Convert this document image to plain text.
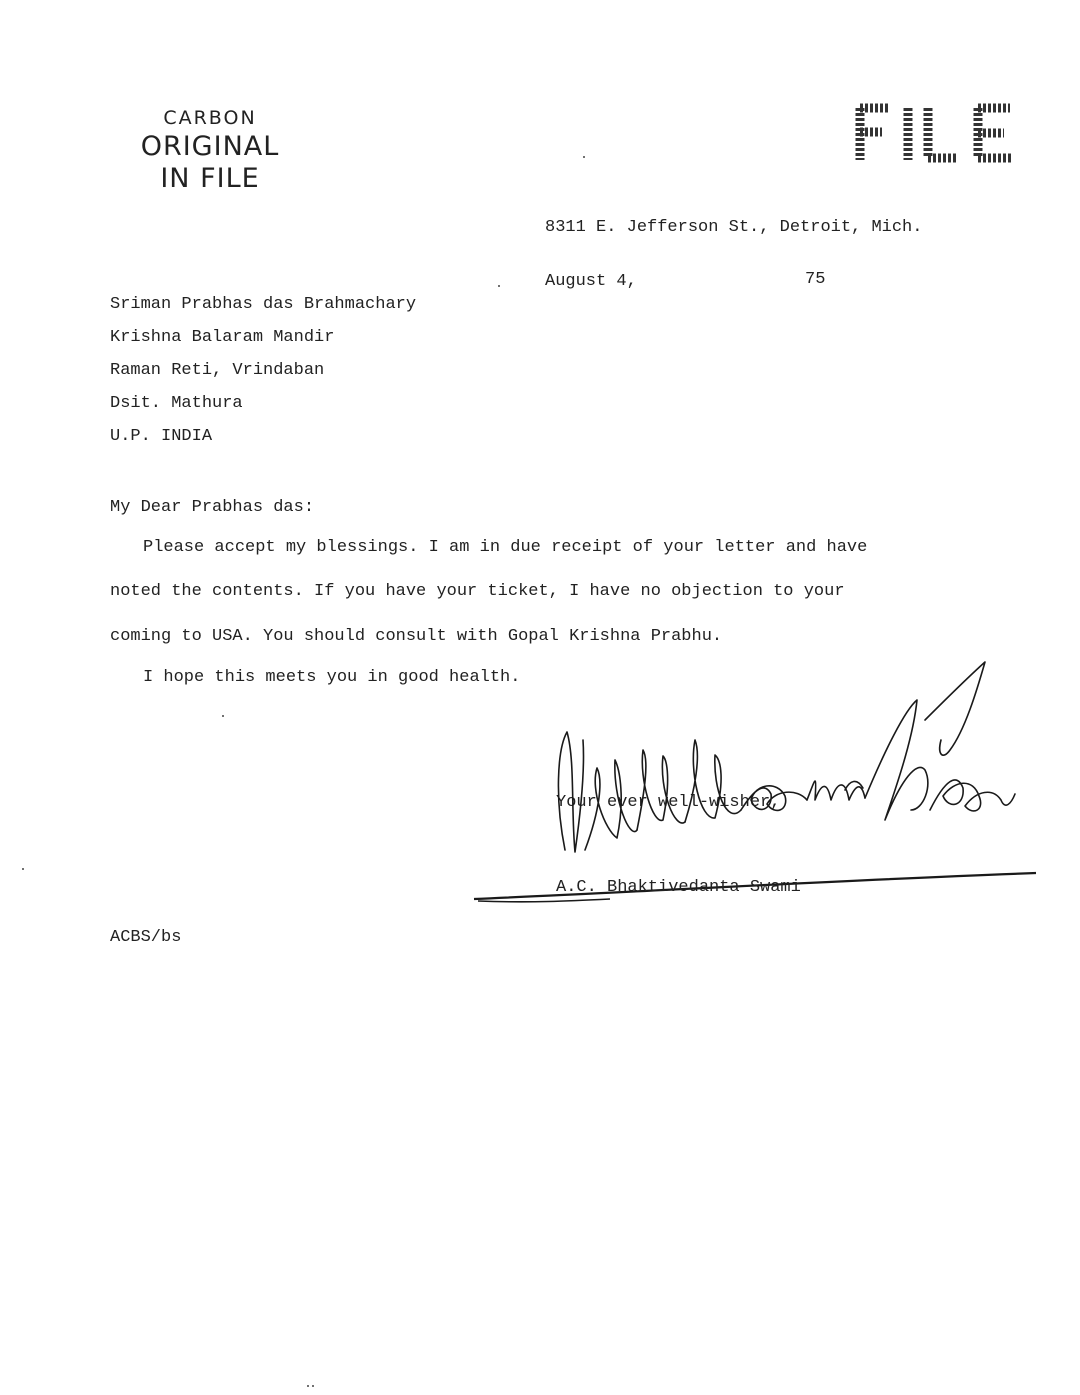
CARBON
ORIGINAL
IN FILE
8311 E. Jefferson St., Detroit, Mich.
August 4,	75
Sriman Prabhas das Brahmachary
Krishna Balaram Mandir
Raman Reti, Vrindaban
Dsit. Mathura
U.P. INDIA
My Dear Prabhas das:
Please accept my blessings. I am in due receipt of your letter and have
noted the contents. If you have your ticket, I have no objection to your
coming to USA. You should consult with Gopal Krishna Prabhu.
I hope this meets you in good health.
Your ever well-wisher,
A.C. Bhaktivedanta Swami
ACBS/bs
